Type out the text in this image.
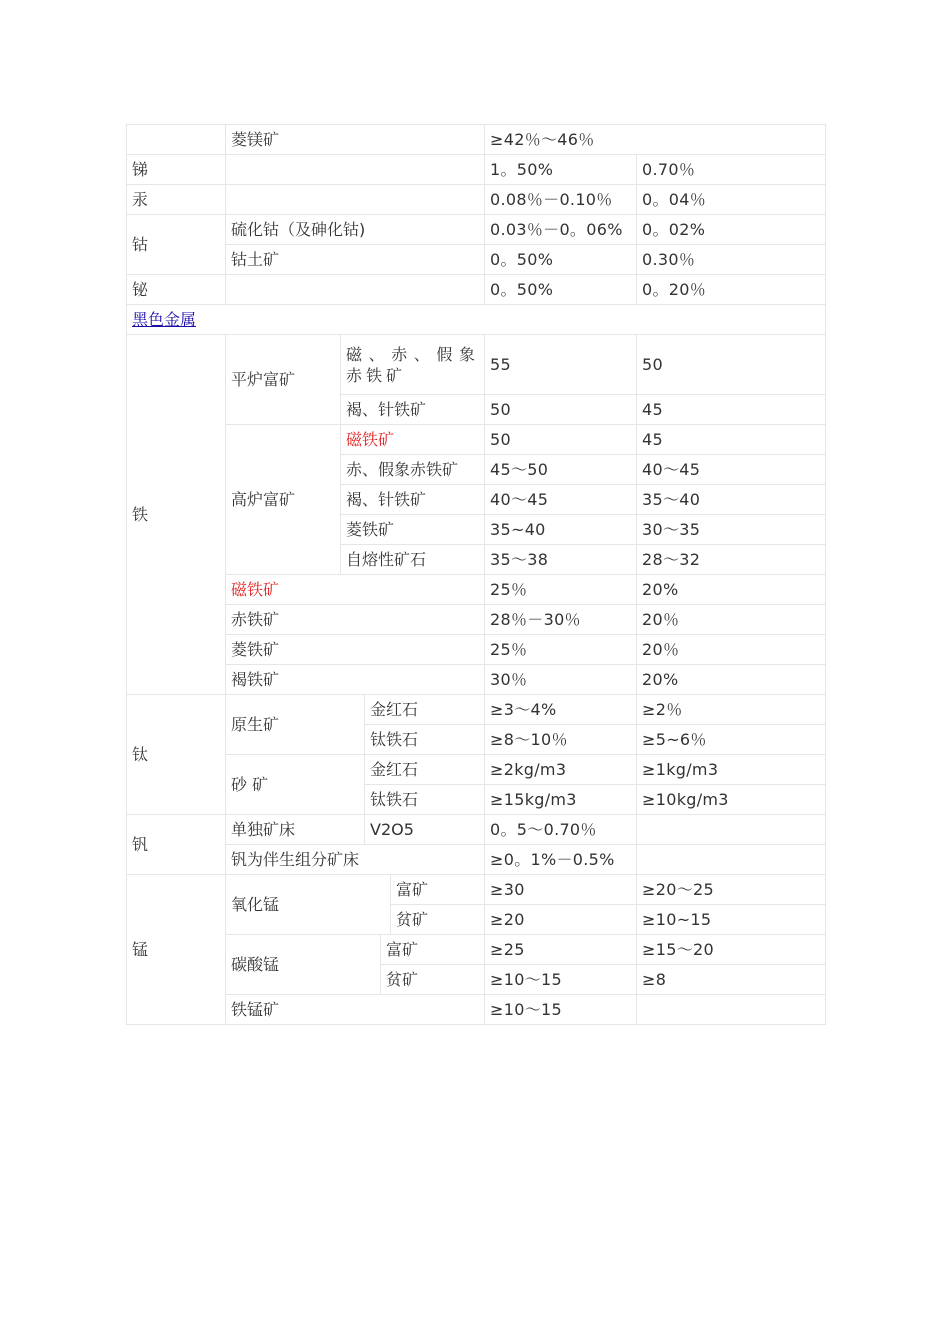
	菱镁矿					≥42％～46％	
锑						1。50%	0.70％
汞						0.08％－0.10％	0。04％
钴	硫化钴（及砷化钴)					0.03％－0。06%	0。02%
	钴土矿					0。50%	0.30％
铋						0。50%	0。20％
黑色金属							
铁	平炉富矿	磁、赤、假象赤铁矿				55	50
		褐、针铁矿				50	45
	高炉富矿	磁铁矿				50	45
		赤、假象赤铁矿				45～50	40～45
		褐、针铁矿				40～45	35～40
		菱铁矿				35~40	30～35
		自熔性矿石				35～38	28～32
	磁铁矿					25％	20%
	赤铁矿					28％－30％	20％
	菱铁矿					25％	20％
	褐铁矿					30％	20%
钛	原生矿		金红石			≥3～4%	≥2％
			钛铁石			≥8～10％	≥5~6％
	砂 矿		金红石			≥2kg/m3	≥1kg/m3
			钛铁石			≥15kg/m3	≥10kg/m3
钒	单独矿床		V2O5			0。5～0.70％	
	钒为伴生组分矿床					≥0。1%－0.5%	
锰	氧化锰				富矿	≥30	≥20～25
					贫矿	≥20	≥10~15
	碳酸锰			富矿		≥25	≥15～20
				贫矿		≥10～15	≥8
	铁锰矿					≥10～15	
